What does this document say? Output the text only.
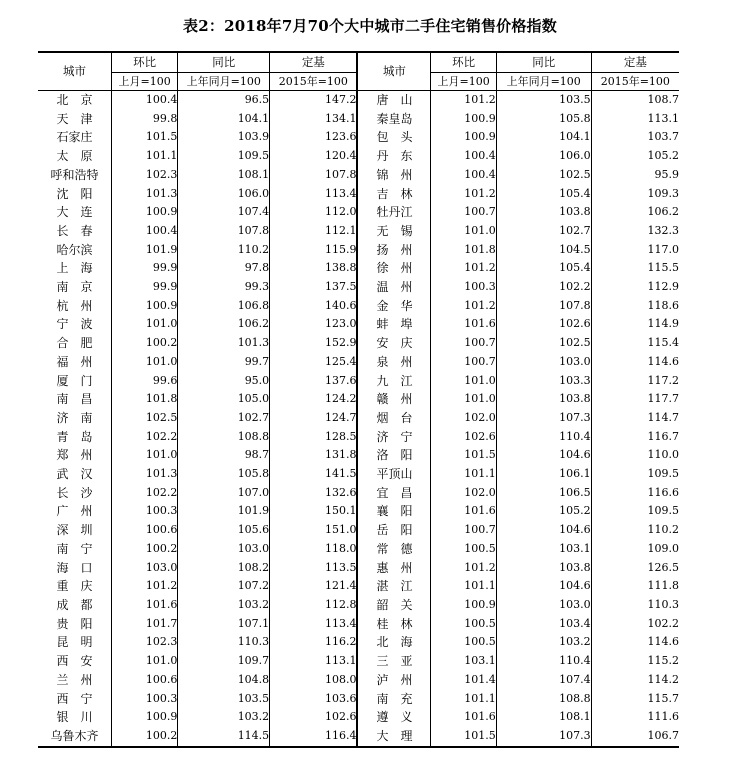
表2：2018年7月70个大中城市二手住宅销售价格指数
城市	环比	同比	定基	城市	环比	同比	定基
	上月=100	上年同月=100	2015年=100		上月=100	上年同月=100	2015年=100
北　京	100.4	96.5	147.2	唐　山	101.2	103.5	108.7
天　津	99.8	104.1	134.1	秦皇岛	100.9	105.8	113.1
石家庄	101.5	103.9	123.6	包　头	100.9	104.1	103.7
太　原	101.1	109.5	120.4	丹　东	100.4	106.0	105.2
呼和浩特	102.3	108.1	107.8	锦　州	100.4	102.5	95.9
沈　阳	101.3	106.0	113.4	吉　林	101.2	105.4	109.3
大　连	100.9	107.4	112.0	牡丹江	100.7	103.8	106.2
长　春	100.4	107.8	112.1	无　锡	101.0	102.7	132.3
哈尔滨	101.9	110.2	115.9	扬　州	101.8	104.5	117.0
上　海	99.9	97.8	138.8	徐　州	101.2	105.4	115.5
南　京	99.9	99.3	137.5	温　州	100.3	102.2	112.9
杭　州	100.9	106.8	140.6	金　华	101.2	107.8	118.6
宁　波	101.0	106.2	123.0	蚌　埠	101.6	102.6	114.9
合　肥	100.2	101.3	152.9	安　庆	100.7	102.5	115.4
福　州	101.0	99.7	125.4	泉　州	100.7	103.0	114.6
厦　门	99.6	95.0	137.6	九　江	101.0	103.3	117.2
南　昌	101.8	105.0	124.2	赣　州	101.0	103.8	117.7
济　南	102.5	102.7	124.7	烟　台	102.0	107.3	114.7
青　岛	102.2	108.8	128.5	济　宁	102.6	110.4	116.7
郑　州	101.0	98.7	131.8	洛　阳	101.5	104.6	110.0
武　汉	101.3	105.8	141.5	平顶山	101.1	106.1	109.5
长　沙	102.2	107.0	132.6	宜　昌	102.0	106.5	116.6
广　州	100.3	101.9	150.1	襄　阳	101.6	105.2	109.5
深　圳	100.6	105.6	151.0	岳　阳	100.7	104.6	110.2
南　宁	100.2	103.0	118.0	常　德	100.5	103.1	109.0
海　口	103.0	108.2	113.5	惠　州	101.2	103.8	126.5
重　庆	101.2	107.2	121.4	湛　江	101.1	104.6	111.8
成　都	101.6	103.2	112.8	韶　关	100.9	103.0	110.3
贵　阳	101.7	107.1	113.4	桂　林	100.5	103.4	102.2
昆　明	102.3	110.3	116.2	北　海	100.5	103.2	114.6
西　安	101.0	109.7	113.1	三　亚	103.1	110.4	115.2
兰　州	100.6	104.8	108.0	泸　州	101.4	107.4	114.2
西　宁	100.3	103.5	103.6	南　充	101.1	108.8	115.7
银　川	100.9	103.2	102.6	遵　义	101.6	108.1	111.6
乌鲁木齐	100.2	114.5	116.4	大　理	101.5	107.3	106.7
